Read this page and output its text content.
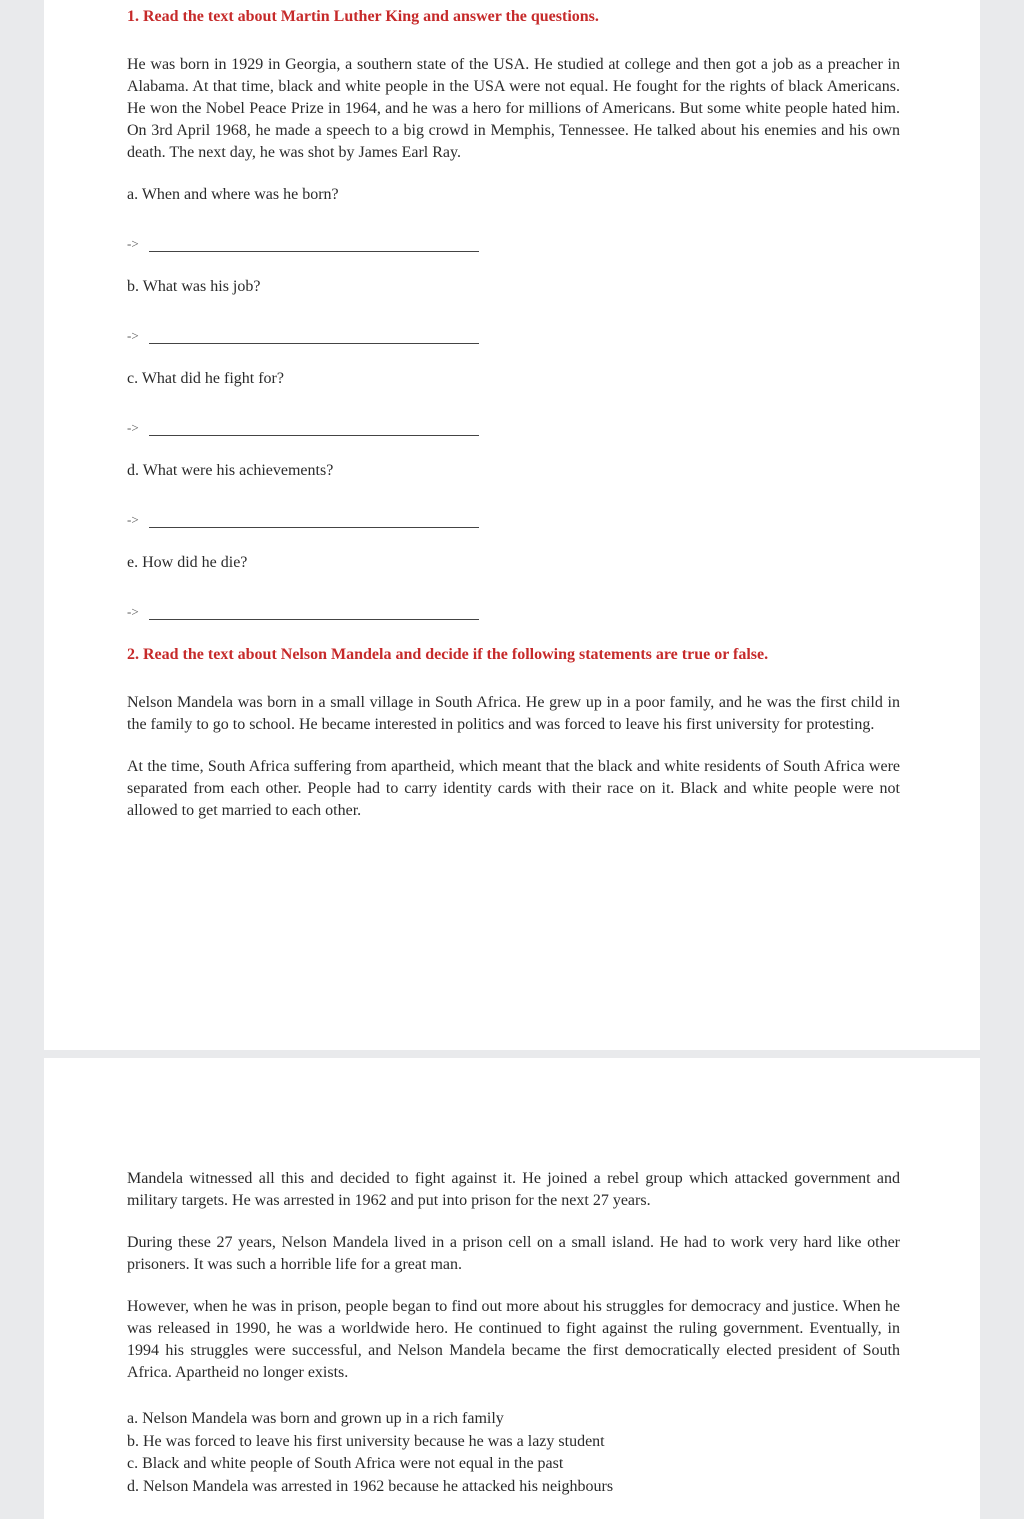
1. Read the text about Martin Luther King and answer the questions.

He was born in 1929 in Georgia, a southern state of the USA. He studied at college and then got a job as a preacher in Alabama. At that time, black and white people in the USA were not equal. He fought for the rights of black Americans. He won the Nobel Peace Prize in 1964, and he was a hero for millions of Americans. But some white people hated him. On 3rd April 1968, he made a speech to a big crowd in Memphis, Tennessee. He talked about his enemies and his own death. The next day, he was shot by James Earl Ray.

a. When and where was he born?

->

b. What was his job?

->

c. What did he fight for?

->

d. What were his achievements?

->

e. How did he die?

->

2. Read the text about Nelson Mandela and decide if the following statements are true or false.

Nelson Mandela was born in a small village in South Africa. He grew up in a poor family, and he was the first child in the family to go to school. He became interested in politics and was forced to leave his first university for protesting.

At the time, South Africa suffering from apartheid, which meant that the black and white residents of South Africa were separated from each other. People had to carry identity cards with their race on it. Black and white people were not allowed to get married to each other.

Mandela witnessed all this and decided to fight against it. He joined a rebel group which attacked government and military targets. He was arrested in 1962 and put into prison for the next 27 years.

During these 27 years, Nelson Mandela lived in a prison cell on a small island. He had to work very hard like other prisoners. It was such a horrible life for a great man.

However, when he was in prison, people began to find out more about his struggles for democracy and justice. When he was released in 1990, he was a worldwide hero. He continued to fight against the ruling government. Eventually, in 1994 his struggles were successful, and Nelson Mandela became the first democratically elected president of South Africa. Apartheid no longer exists.

a. Nelson Mandela was born and grown up in a rich family

b. He was forced to leave his first university because he was a lazy student

c. Black and white people of South Africa were not equal in the past

d. Nelson Mandela was arrested in 1962 because he attacked his neighbours
